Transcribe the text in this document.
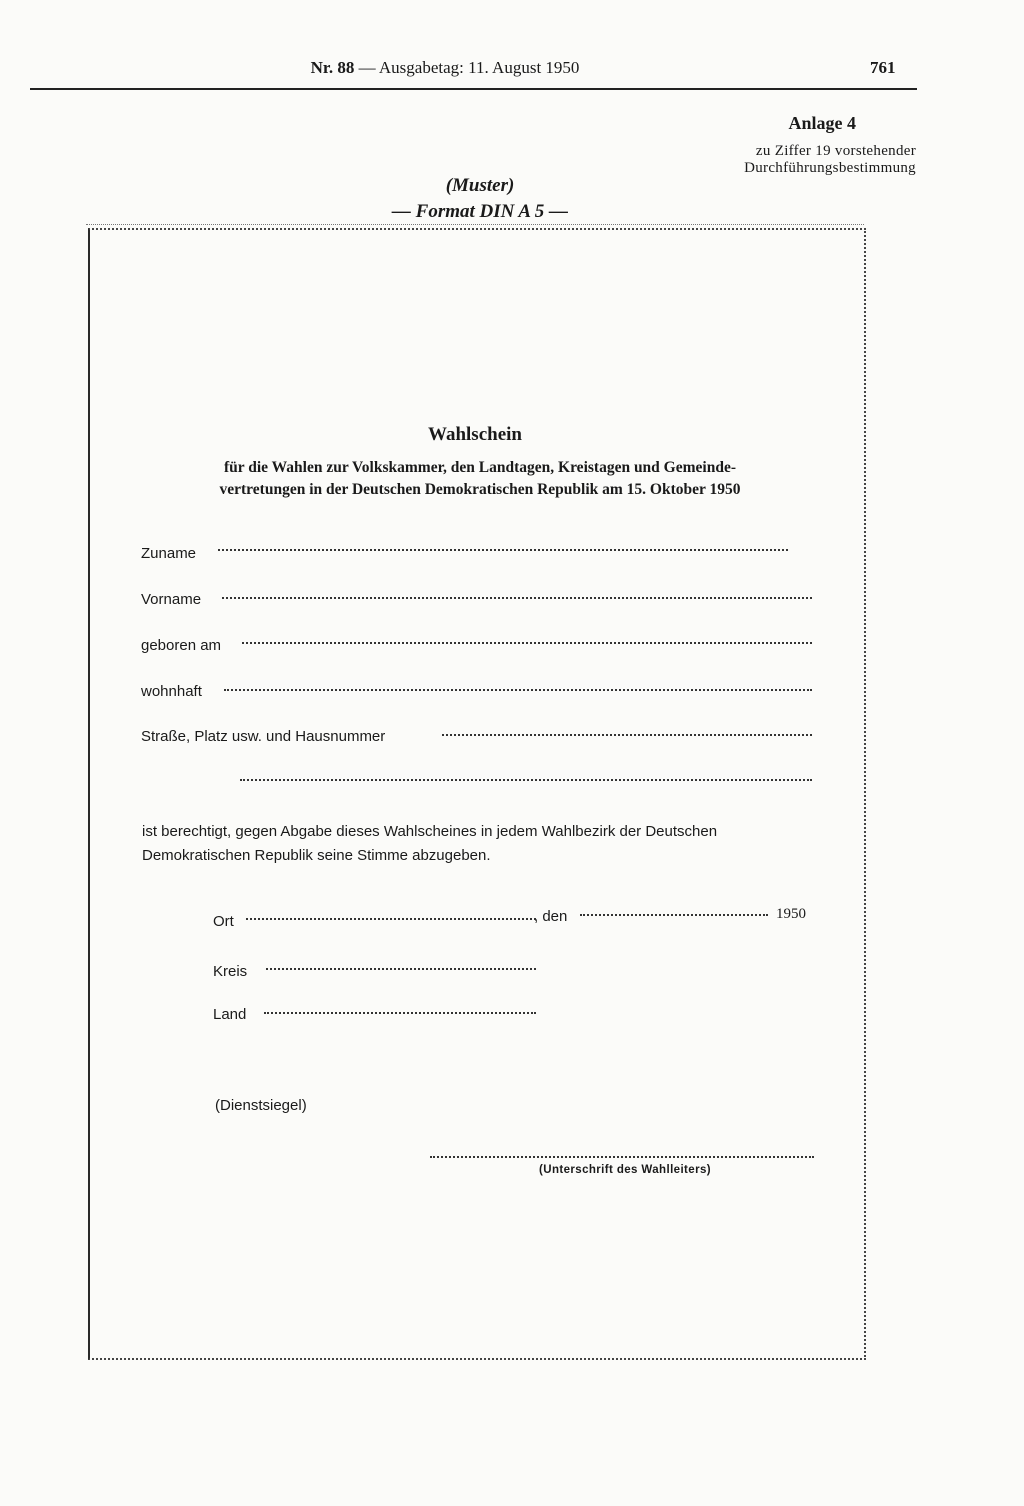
Nr. 88 — Ausgabetag: 11. August 1950	761
Anlage 4
zu Ziffer 19 vorstehender
Durchführungsbestimmung
(Muster)
— Format DIN A 5 —
Wahlschein
für die Wahlen zur Volkskammer, den Landtagen, Kreistagen und Gemeinde-
vertretungen in der Deutschen Demokratischen Republik am 15. Oktober 1950
Zuname
Vorname
geboren am
wohnhaft
Straße, Platz usw. und Hausnummer
ist berechtigt, gegen Abgabe dieses Wahlscheines in jedem Wahlbezirk der Deutschen
Demokratischen Republik seine Stimme abzugeben.
Ort	, den	1950
Kreis
Land
(Dienstsiegel)
(Unterschrift des Wahlleiters)
